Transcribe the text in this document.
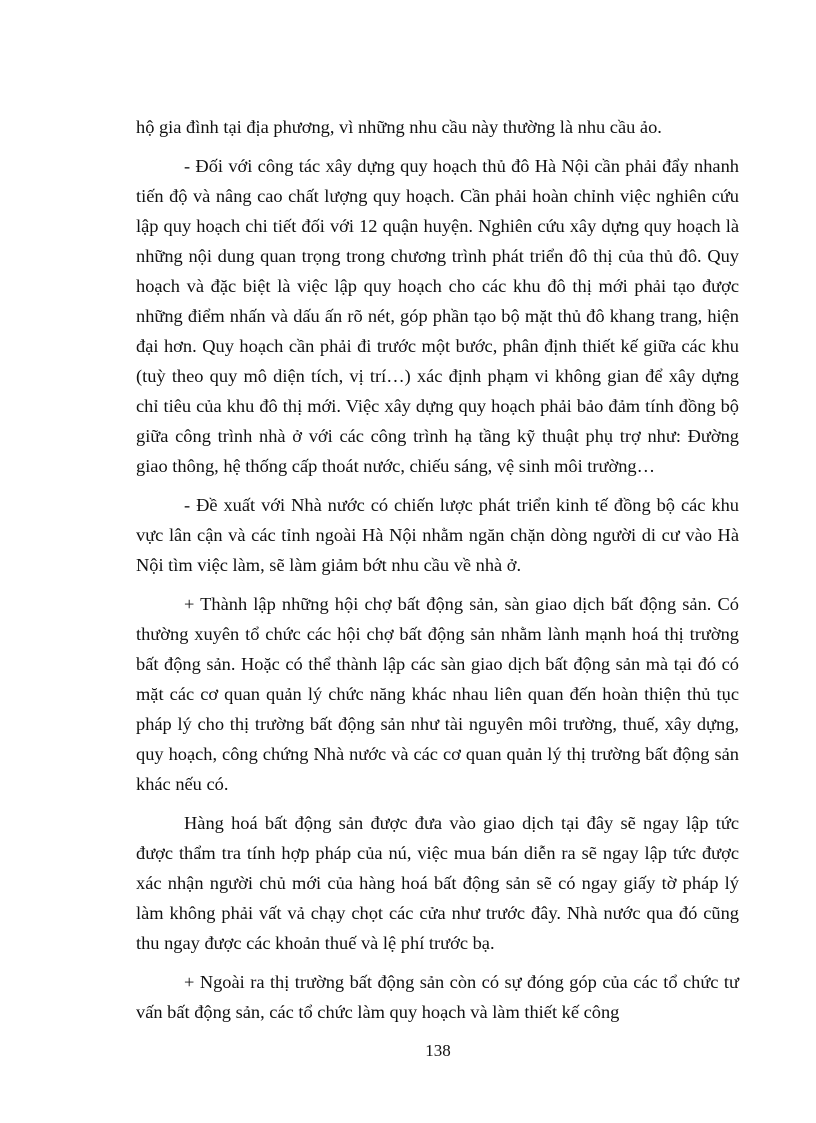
hộ gia đình tại địa phương, vì những nhu cầu này thường là nhu cầu ảo.

- Đối với công tác xây dựng quy hoạch thủ đô Hà Nội cần phải đẩy nhanh tiến độ và nâng cao chất lượng quy hoạch. Cần phải hoàn chỉnh việc nghiên cứu lập quy hoạch chi tiết đối với 12 quận huyện. Nghiên cứu xây dựng quy hoạch là những nội dung quan trọng trong chương trình phát triển đô thị của thủ đô. Quy hoạch và đặc biệt là việc lập quy hoạch cho các khu đô thị mới phải tạo được những điểm nhấn và dấu ấn rõ nét, góp phần tạo bộ mặt thủ đô khang trang, hiện đại hơn. Quy hoạch cần phải đi trước một bước, phân định thiết kế giữa các khu (tuỳ theo quy mô diện tích, vị trí…) xác định phạm vi không gian để xây dựng chỉ tiêu của khu đô thị mới. Việc xây dựng quy hoạch phải bảo đảm tính đồng bộ giữa công trình nhà ở với các công trình hạ tầng kỹ thuật phụ trợ như: Đường giao thông, hệ thống cấp thoát nước, chiếu sáng, vệ sinh môi trường…

- Đề xuất với Nhà nước có chiến lược phát triển kinh tế đồng bộ các khu vực lân cận và các tỉnh ngoài Hà Nội nhằm ngăn chặn dòng người di cư vào Hà Nội tìm việc làm, sẽ làm giảm bớt nhu cầu về nhà ở.

+ Thành lập những hội chợ bất động sản, sàn giao dịch bất động sản. Có thường xuyên tổ chức các hội chợ bất động sản nhằm lành mạnh hoá thị trường bất động sản. Hoặc có thể thành lập các sàn giao dịch bất động sản mà tại đó có mặt các cơ quan quản lý chức năng khác nhau liên quan đến hoàn thiện thủ tục pháp lý cho thị trường bất động sản như tài nguyên môi trường, thuế, xây dựng, quy hoạch, công chứng Nhà nước và các cơ quan quản lý thị trường bất động sản khác nếu có.

Hàng hoá bất động sản được đưa vào giao dịch tại đây sẽ ngay lập tức được thẩm tra tính hợp pháp của nú, việc mua bán diễn ra sẽ ngay lập tức được xác nhận người chủ mới của hàng hoá bất động sản sẽ có ngay giấy tờ pháp lý làm không phải vất vả chạy chọt các cửa như trước đây. Nhà nước qua đó cũng thu ngay được các khoản thuế và lệ phí trước bạ.

+ Ngoài ra thị trường bất động sản còn có sự đóng góp của các tổ chức tư vấn bất động sản, các tổ chức làm quy hoạch và làm thiết kế công

138
